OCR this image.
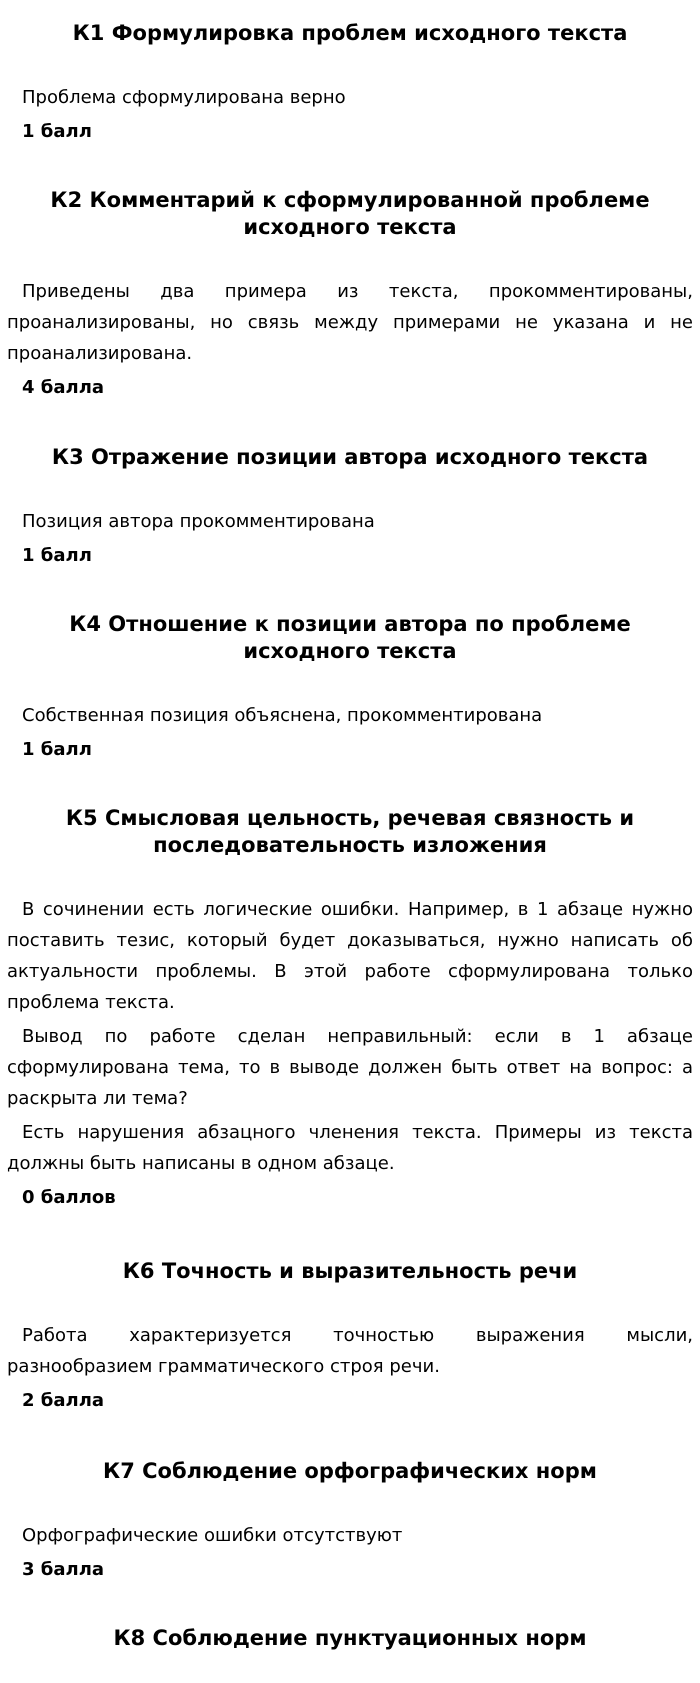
К1 Формулировка проблем исходного текста

Проблема сформулирована верно

1 балл

К2 Комментарий к сформулированной проблеме исходного текста

Приведены два примера из текста, прокомментированы, проанализированы, но связь между примерами не указана и не проанализирована.

4 балла

К3 Отражение позиции автора исходного текста

Позиция автора прокомментирована

1 балл

К4 Отношение к позиции автора по проблеме исходного текста

Собственная позиция объяснена, прокомментирована

1 балл

К5 Смысловая цельность, речевая связность и последовательность изложения

В сочинении есть логические ошибки. Например, в 1 абзаце нужно поставить тезис, который будет доказываться, нужно написать об актуальности проблемы. В этой работе сформулирована только проблема текста.

Вывод по работе сделан неправильный: если в 1 абзаце сформулирована тема, то в выводе должен быть ответ на вопрос: а раскрыта ли тема?

Есть нарушения абзацного членения текста. Примеры из текста должны быть написаны в одном абзаце.

0 баллов

К6 Точность и выразительность речи

Работа характеризуется точностью выражения мысли, разнообразием грамматического строя речи.

2 балла

К7 Соблюдение орфографических норм

Орфографические ошибки отсутствуют

3 балла

К8 Соблюдение пунктуационных норм
